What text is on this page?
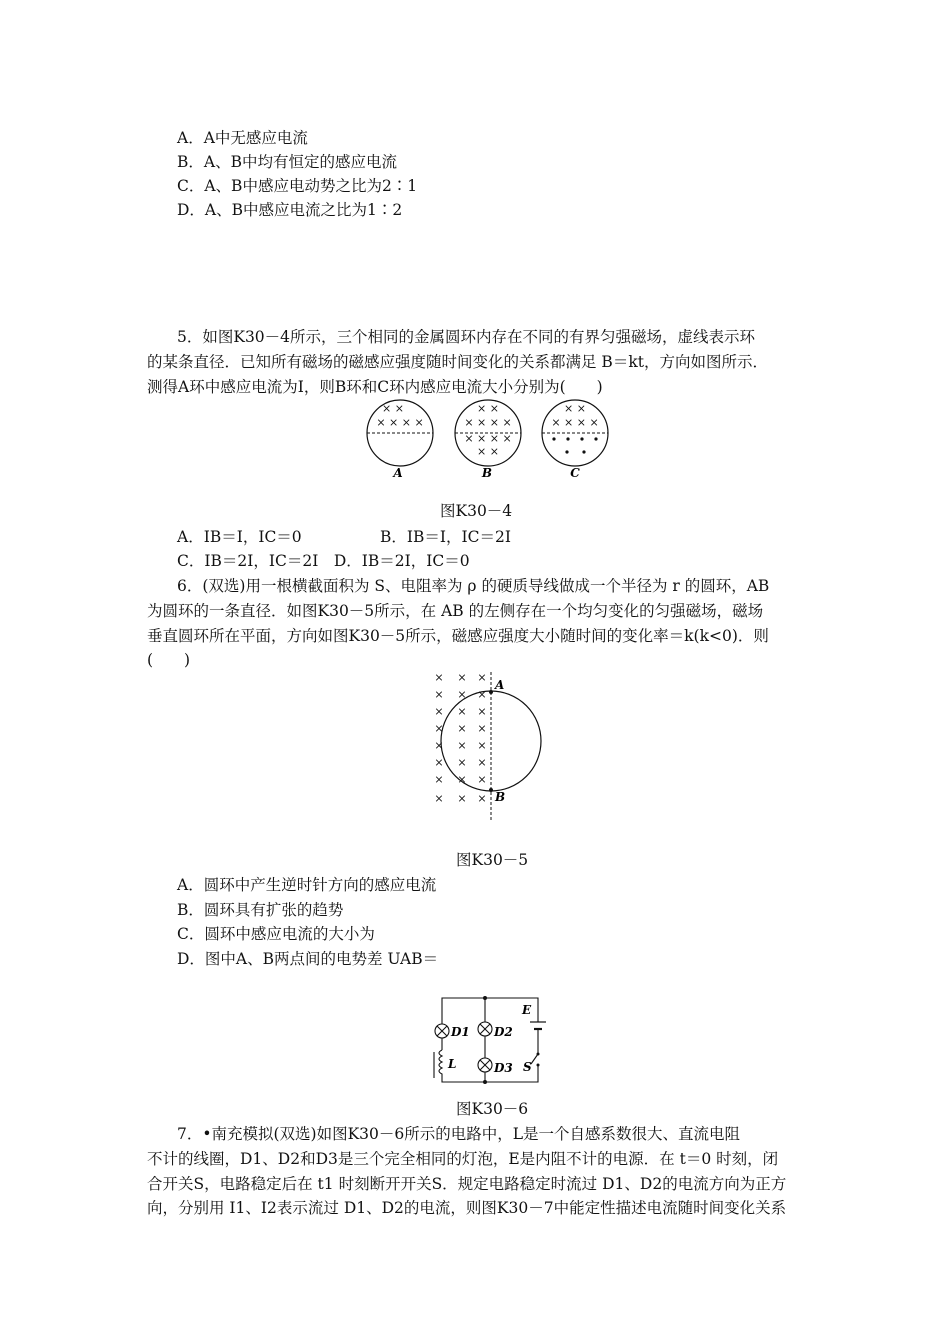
A．A中无感应电流
B．A、B中均有恒定的感应电流
C．A、B中感应电动势之比为2∶1
D．A、B中感应电流之比为1∶2
5．如图K30－4所示，三个相同的金属圆环内存在不同的有界匀强磁场，虚线表示环
的某条直径．已知所有磁场的磁感应强度随时间变化的关系都满足 B＝kt，方向如图所示．
测得A环中感应电流为I，则B环和C环内感应电流大小分别为(　　)
× ×
× × × ×
× ×
× × × ×
× × × ×
× ×
× ×
× × × ×
A	B	C
图K30－4
A．IB＝I，IC＝0	B．IB＝I，IC＝2I
C．IB＝2I，IC＝2I　D．IB＝2I，IC＝0
6．(双选)用一根横截面积为 S、电阻率为 ρ 的硬质导线做成一个半径为 r 的圆环，AB
为圆环的一条直径．如图K30－5所示，在 AB 的左侧存在一个均匀变化的匀强磁场，磁场
垂直圆环所在平面，方向如图K30－5所示，磁感应强度大小随时间的变化率＝k(k<0)．则
(　　)
× × ×
× × ×
× × ×
× × ×
× × ×
× × ×
× × ×
× × ×
A
B
图K30－5
A．圆环中产生逆时针方向的感应电流
B．圆环具有扩张的趋势
C．圆环中感应电流的大小为
D．图中A、B两点间的电势差 UAB＝
E
D1 D2
D3
L	S
图K30－6
7．•南充模拟(双选)如图K30－6所示的电路中，L是一个自感系数很大、直流电阻
不计的线圈，D1、D2和D3是三个完全相同的灯泡，E是内阻不计的电源．在 t＝0 时刻，闭
合开关S，电路稳定后在 t1 时刻断开开关S．规定电路稳定时流过 D1、D2的电流方向为正方
向，分别用 I1、I2表示流过 D1、D2的电流，则图K30－7中能定性描述电流随时间变化关系
